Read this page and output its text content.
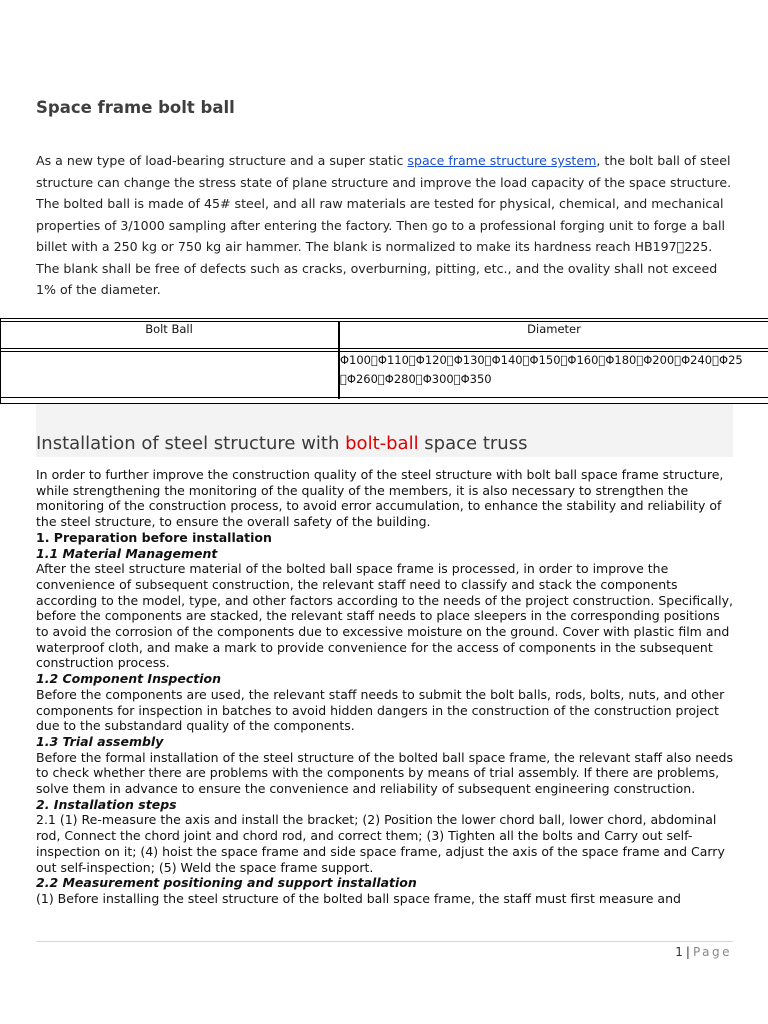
Space frame bolt ball

As a new type of load-bearing structure and a super static space frame structure system, the bolt ball of steel structure can change the stress state of plane structure and improve the load capacity of the space structure.

The bolted ball is made of 45# steel, and all raw materials are tested for physical, chemical, and mechanical properties of 3/1000 sampling after entering the factory. Then go to a professional forging unit to forge a ball billet with a 250 kg or 750 kg air hammer. The blank is normalized to make its hardness reach HB197 225. The blank shall be free of defects such as cracks, overburning, pitting, etc., and the ovality shall not exceed 1% of the diameter.

Bolt Ball	Diameter
Φ100 Φ110 Φ120 Φ130 Φ140 Φ150 Φ160 Φ180 Φ200 Φ240 Φ25
 Φ260 Φ280 Φ300 Φ350
Installation of steel structure with bolt-ball space truss

In order to further improve the construction quality of the steel structure with bolt ball space frame structure, while strengthening the monitoring of the quality of the members, it is also necessary to strengthen the monitoring of the construction process, to avoid error accumulation, to enhance the stability and reliability of the steel structure, to ensure the overall safety of the building.

1. Preparation before installation

1.1 Material Management

After the steel structure material of the bolted ball space frame is processed, in order to improve the convenience of subsequent construction, the relevant staff need to classify and stack the components according to the model, type, and other factors according to the needs of the project construction. Specifically, before the components are stacked, the relevant staff needs to place sleepers in the corresponding positions to avoid the corrosion of the components due to excessive moisture on the ground. Cover with plastic film and waterproof cloth, and make a mark to provide convenience for the access of components in the subsequent construction process.

1.2 Component Inspection

Before the components are used, the relevant staff needs to submit the bolt balls, rods, bolts, nuts, and other components for inspection in batches to avoid hidden dangers in the construction of the construction project due to the substandard quality of the components.

1.3 Trial assembly

Before the formal installation of the steel structure of the bolted ball space frame, the relevant staff also needs to check whether there are problems with the components by means of trial assembly. If there are problems, solve them in advance to ensure the convenience and reliability of subsequent engineering construction.

2. Installation steps

2.1 (1) Re-measure the axis and install the bracket; (2) Position the lower chord ball, lower chord, abdominal rod, Connect the chord joint and chord rod, and correct them; (3) Tighten all the bolts and Carry out self-inspection on it; (4) hoist the space frame and side space frame, adjust the axis of the space frame and Carry out self-inspection; (5) Weld the space frame support.

2.2 Measurement positioning and support installation

(1) Before installing the steel structure of the bolted ball space frame, the staff must first measure and

1 | Page
